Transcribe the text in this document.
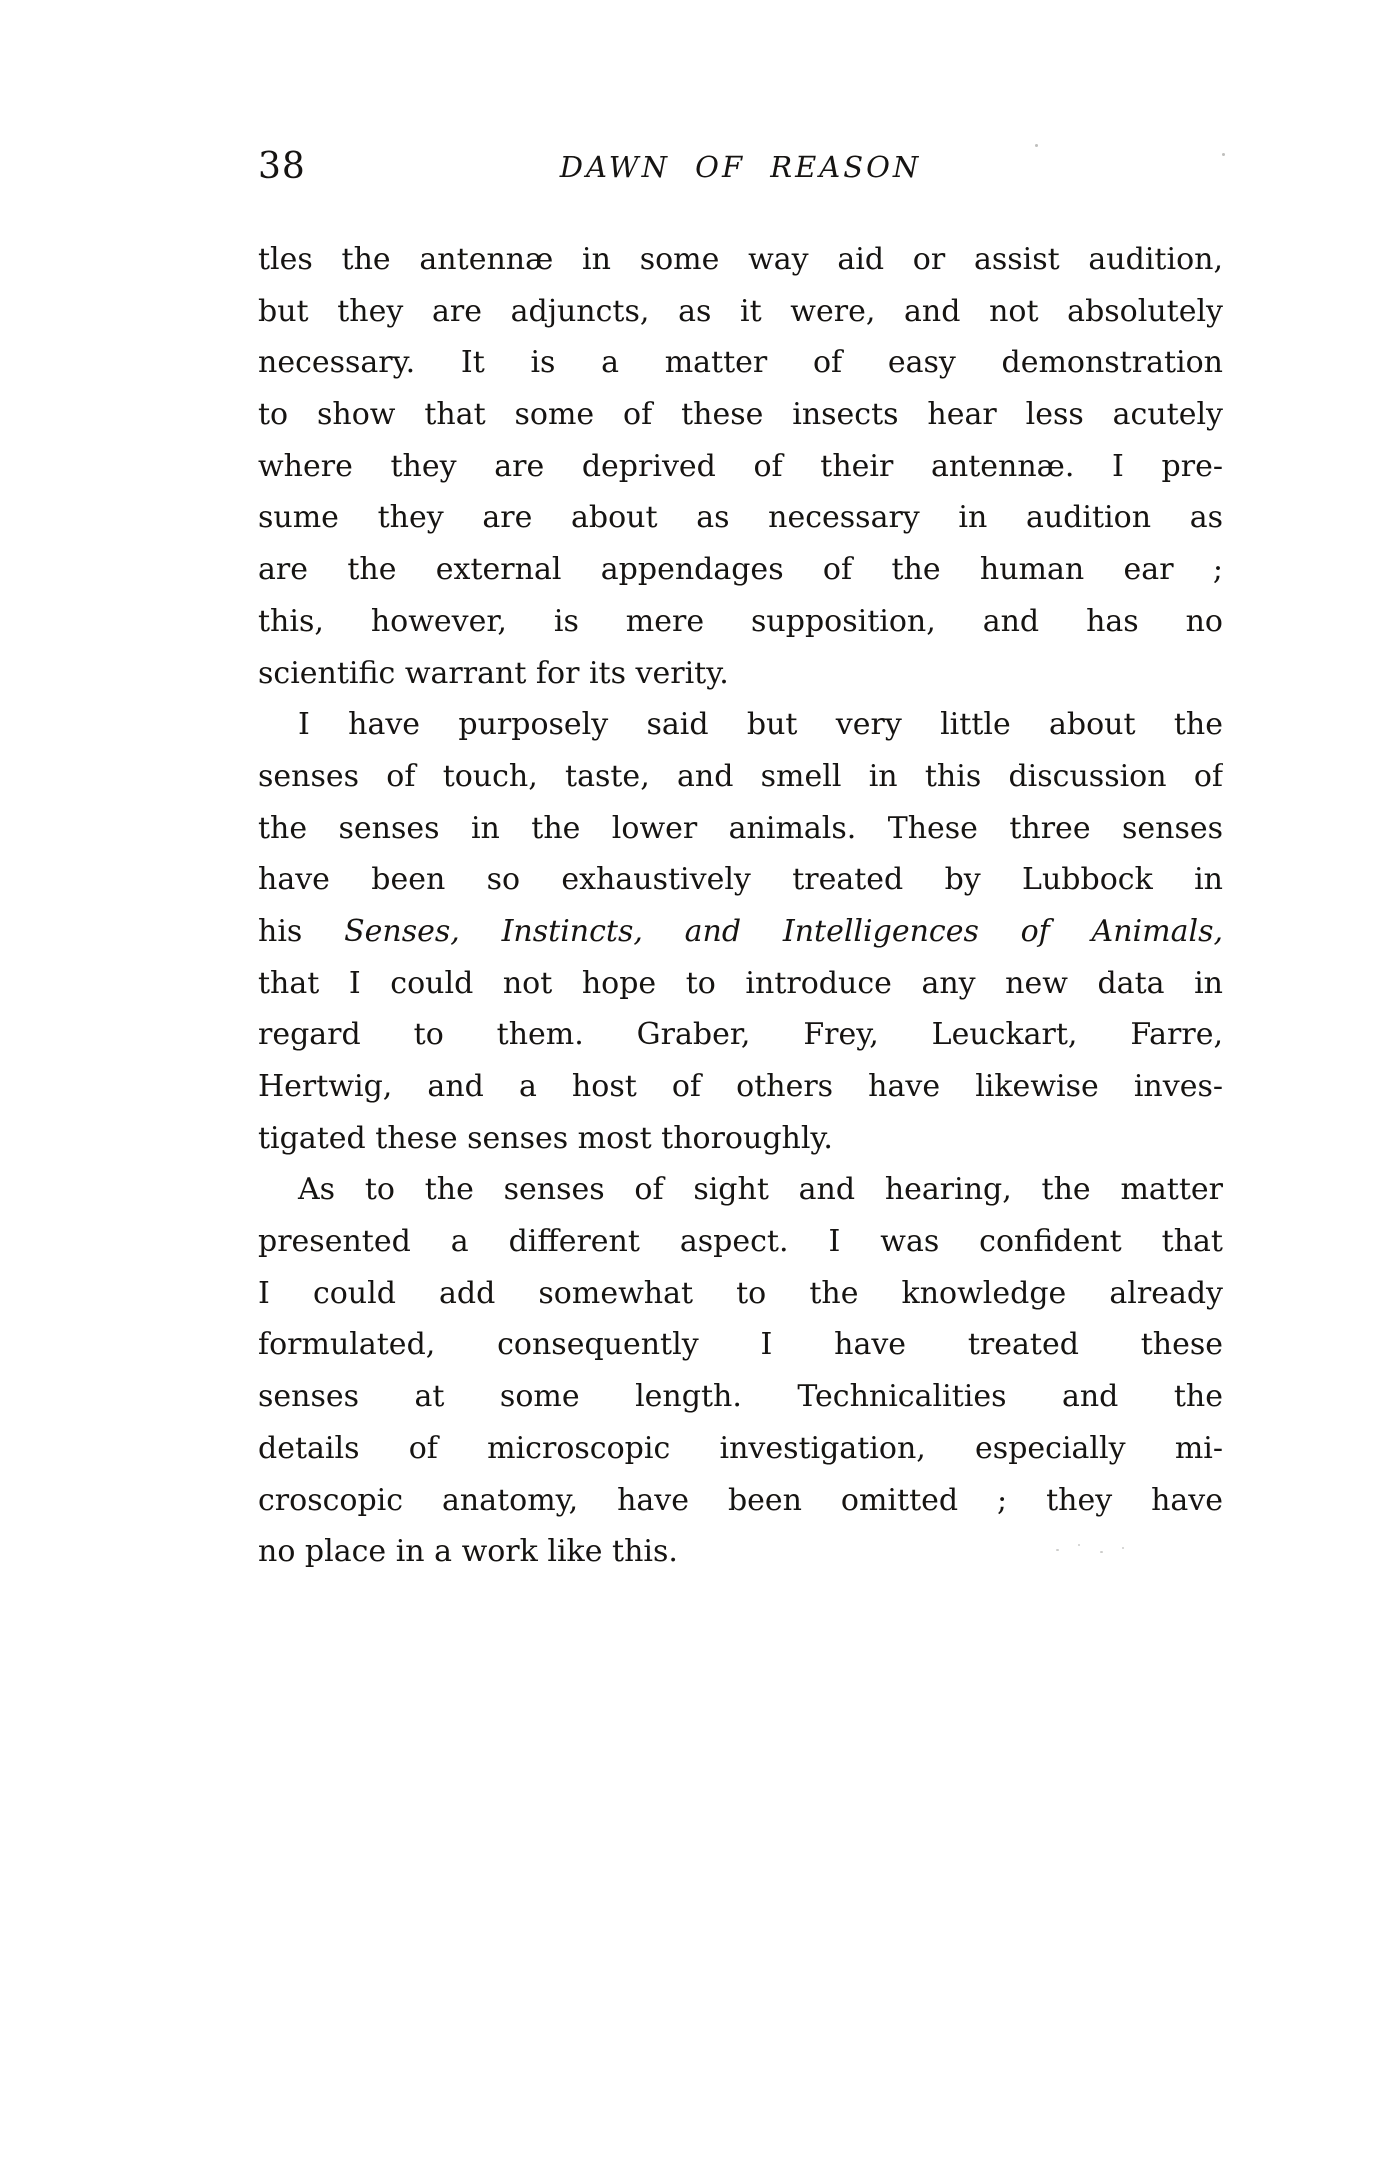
38	DAWN OF REASON
tles the antennæ in some way aid or assist audition,
but they are adjuncts, as it were, and not absolutely
necessary. It is a matter of easy demonstration
to show that some of these insects hear less acutely
where they are deprived of their antennæ. I pre-
sume they are about as necessary in audition as
are the external appendages of the human ear ;
this, however, is mere supposition, and has no
scientific warrant for its verity.
I have purposely said but very little about the
senses of touch, taste, and smell in this discussion of
the senses in the lower animals. These three senses
have been so exhaustively treated by Lubbock in
his Senses, Instincts, and Intelligences of Animals,
that I could not hope to introduce any new data in
regard to them. Graber, Frey, Leuckart, Farre,
Hertwig, and a host of others have likewise inves-
tigated these senses most thoroughly.
As to the senses of sight and hearing, the matter
presented a different aspect. I was confident that
I could add somewhat to the knowledge already
formulated, consequently I have treated these
senses at some length. Technicalities and the
details of microscopic investigation, especially mi-
croscopic anatomy, have been omitted ; they have
no place in a work like this.
